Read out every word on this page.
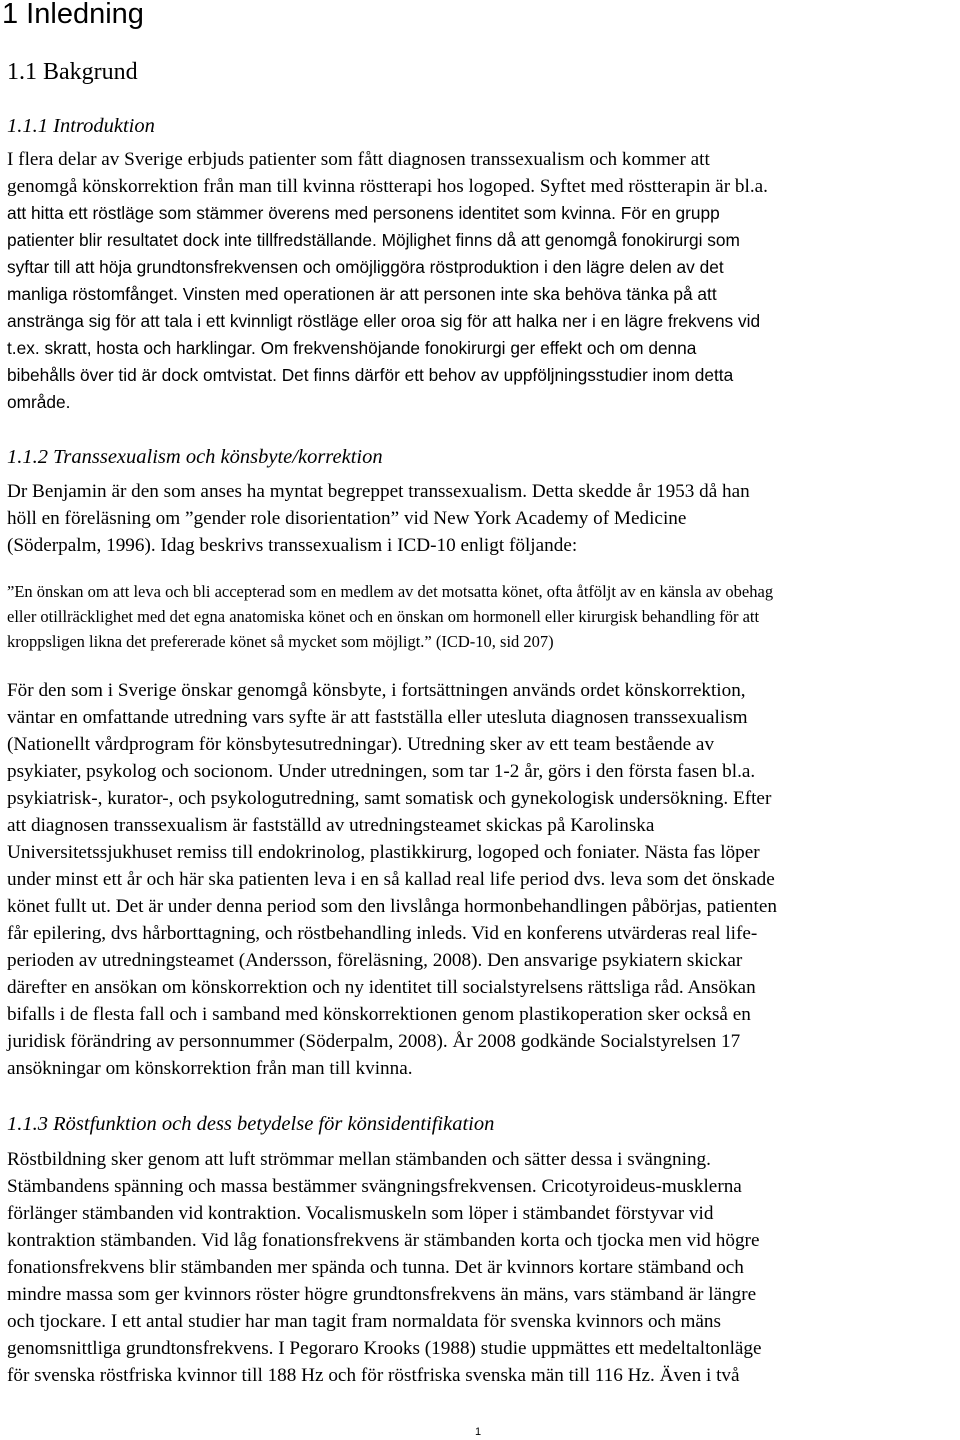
1 Inledning
1.1 Bakgrund
1.1.1 Introduktion
I flera delar av Sverige erbjuds patienter som fått diagnosen transsexualism och kommer att
genomgå könskorrektion från man till kvinna röstterapi hos logoped. Syftet med röstterapin är bl.a.
att hitta ett röstläge som stämmer överens med personens identitet som kvinna. För en grupp
patienter blir resultatet dock inte tillfredställande. Möjlighet finns då att genomgå fonokirurgi som
syftar till att höja grundtonsfrekvensen och omöjliggöra röstproduktion i den lägre delen av det
manliga röstomfånget. Vinsten med operationen är att personen inte ska behöva tänka på att
anstränga sig för att tala i ett kvinnligt röstläge eller oroa sig för att halka ner i en lägre frekvens vid
t.ex. skratt, hosta och harklingar. Om frekvenshöjande fonokirurgi ger effekt och om denna
bibehålls över tid är dock omtvistat. Det finns därför ett behov av uppföljningsstudier inom detta
område.
1.1.2 Transsexualism och könsbyte/korrektion
Dr Benjamin är den som anses ha myntat begreppet transsexualism. Detta skedde år 1953 då han
höll en föreläsning om ”gender role disorientation” vid New York Academy of Medicine
(Söderpalm, 1996). Idag beskrivs transsexualism i ICD-10 enligt följande:
”En önskan om att leva och bli accepterad som en medlem av det motsatta könet, ofta åtföljt av en känsla av obehag
eller otillräcklighet med det egna anatomiska könet och en önskan om hormonell eller kirurgisk behandling för att
kroppsligen likna det prefererade könet så mycket som möjligt.” (ICD-10, sid 207)
För den som i Sverige önskar genomgå könsbyte, i fortsättningen används ordet könskorrektion,
väntar en omfattande utredning vars syfte är att fastställa eller utesluta diagnosen transsexualism
(Nationellt vårdprogram för könsbytesutredningar). Utredning sker av ett team bestående av
psykiater, psykolog och socionom. Under utredningen, som tar 1-2 år, görs i den första fasen bl.a.
psykiatrisk-, kurator-, och psykologutredning, samt somatisk och gynekologisk undersökning. Efter
att diagnosen transsexualism är fastställd av utredningsteamet skickas på Karolinska
Universitetssjukhuset remiss till endokrinolog, plastikkirurg, logoped och foniater. Nästa fas löper
under minst ett år och här ska patienten leva i en så kallad real life period dvs. leva som det önskade
könet fullt ut. Det är under denna period som den livslånga hormonbehandlingen påbörjas, patienten
får epilering, dvs hårborttagning, och röstbehandling inleds. Vid en konferens utvärderas real life-
perioden av utredningsteamet (Andersson, föreläsning, 2008). Den ansvarige psykiatern skickar
därefter en ansökan om könskorrektion och ny identitet till socialstyrelsens rättsliga råd. Ansökan
bifalls i de flesta fall och i samband med könskorrektionen genom plastikoperation sker också en
juridisk förändring av personnummer (Söderpalm, 2008). År 2008 godkände Socialstyrelsen 17
ansökningar om könskorrektion från man till kvinna.
1.1.3 Röstfunktion och dess betydelse för könsidentifikation
Röstbildning sker genom att luft strömmar mellan stämbanden och sätter dessa i svängning.
Stämbandens spänning och massa bestämmer svängningsfrekvensen. Cricotyroideus-musklerna
förlänger stämbanden vid kontraktion. Vocalismuskeln som löper i stämbandet förstyvar vid
kontraktion stämbanden. Vid låg fonationsfrekvens är stämbanden korta och tjocka men vid högre
fonationsfrekvens blir stämbanden mer spända och tunna. Det är kvinnors kortare stämband och
mindre massa som ger kvinnors röster högre grundtonsfrekvens än mäns, vars stämband är längre
och tjockare. I ett antal studier har man tagit fram normaldata för svenska kvinnors och mäns
genomsnittliga grundtonsfrekvens. I Pegoraro Krooks (1988) studie uppmättes ett medeltaltonläge
för svenska röstfriska kvinnor till 188 Hz och för röstfriska svenska män till 116 Hz. Även i två
1
